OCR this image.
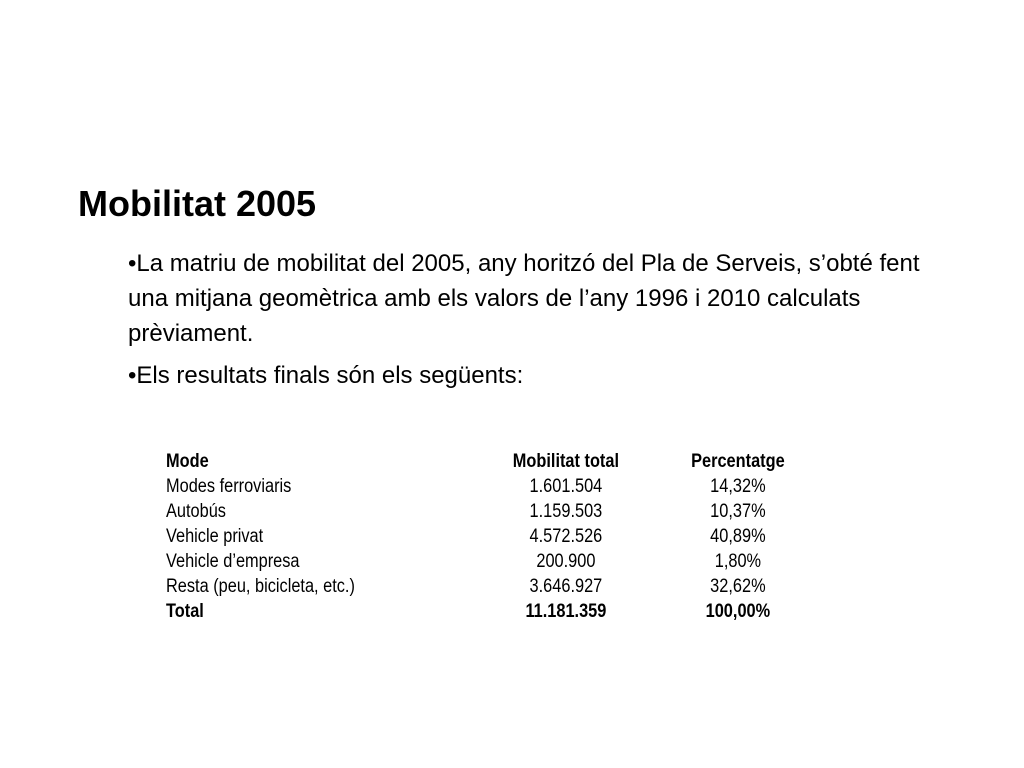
Mobilitat 2005
•La matriu de mobilitat del 2005, any horitzó del Pla de Serveis, s’obté fent una mitjana geomètrica amb els valors de l’any 1996 i 2010 calculats prèviament.
•Els resultats finals són els següents:
Mode	Mobilitat total	Percentatge
Modes ferroviaris	1.601.504	14,32%
Autobús	1.159.503	10,37%
Vehicle privat	4.572.526	40,89%
Vehicle d’empresa	200.900	1,80%
Resta (peu, bicicleta, etc.)	3.646.927	32,62%
Total	11.181.359	100,00%
